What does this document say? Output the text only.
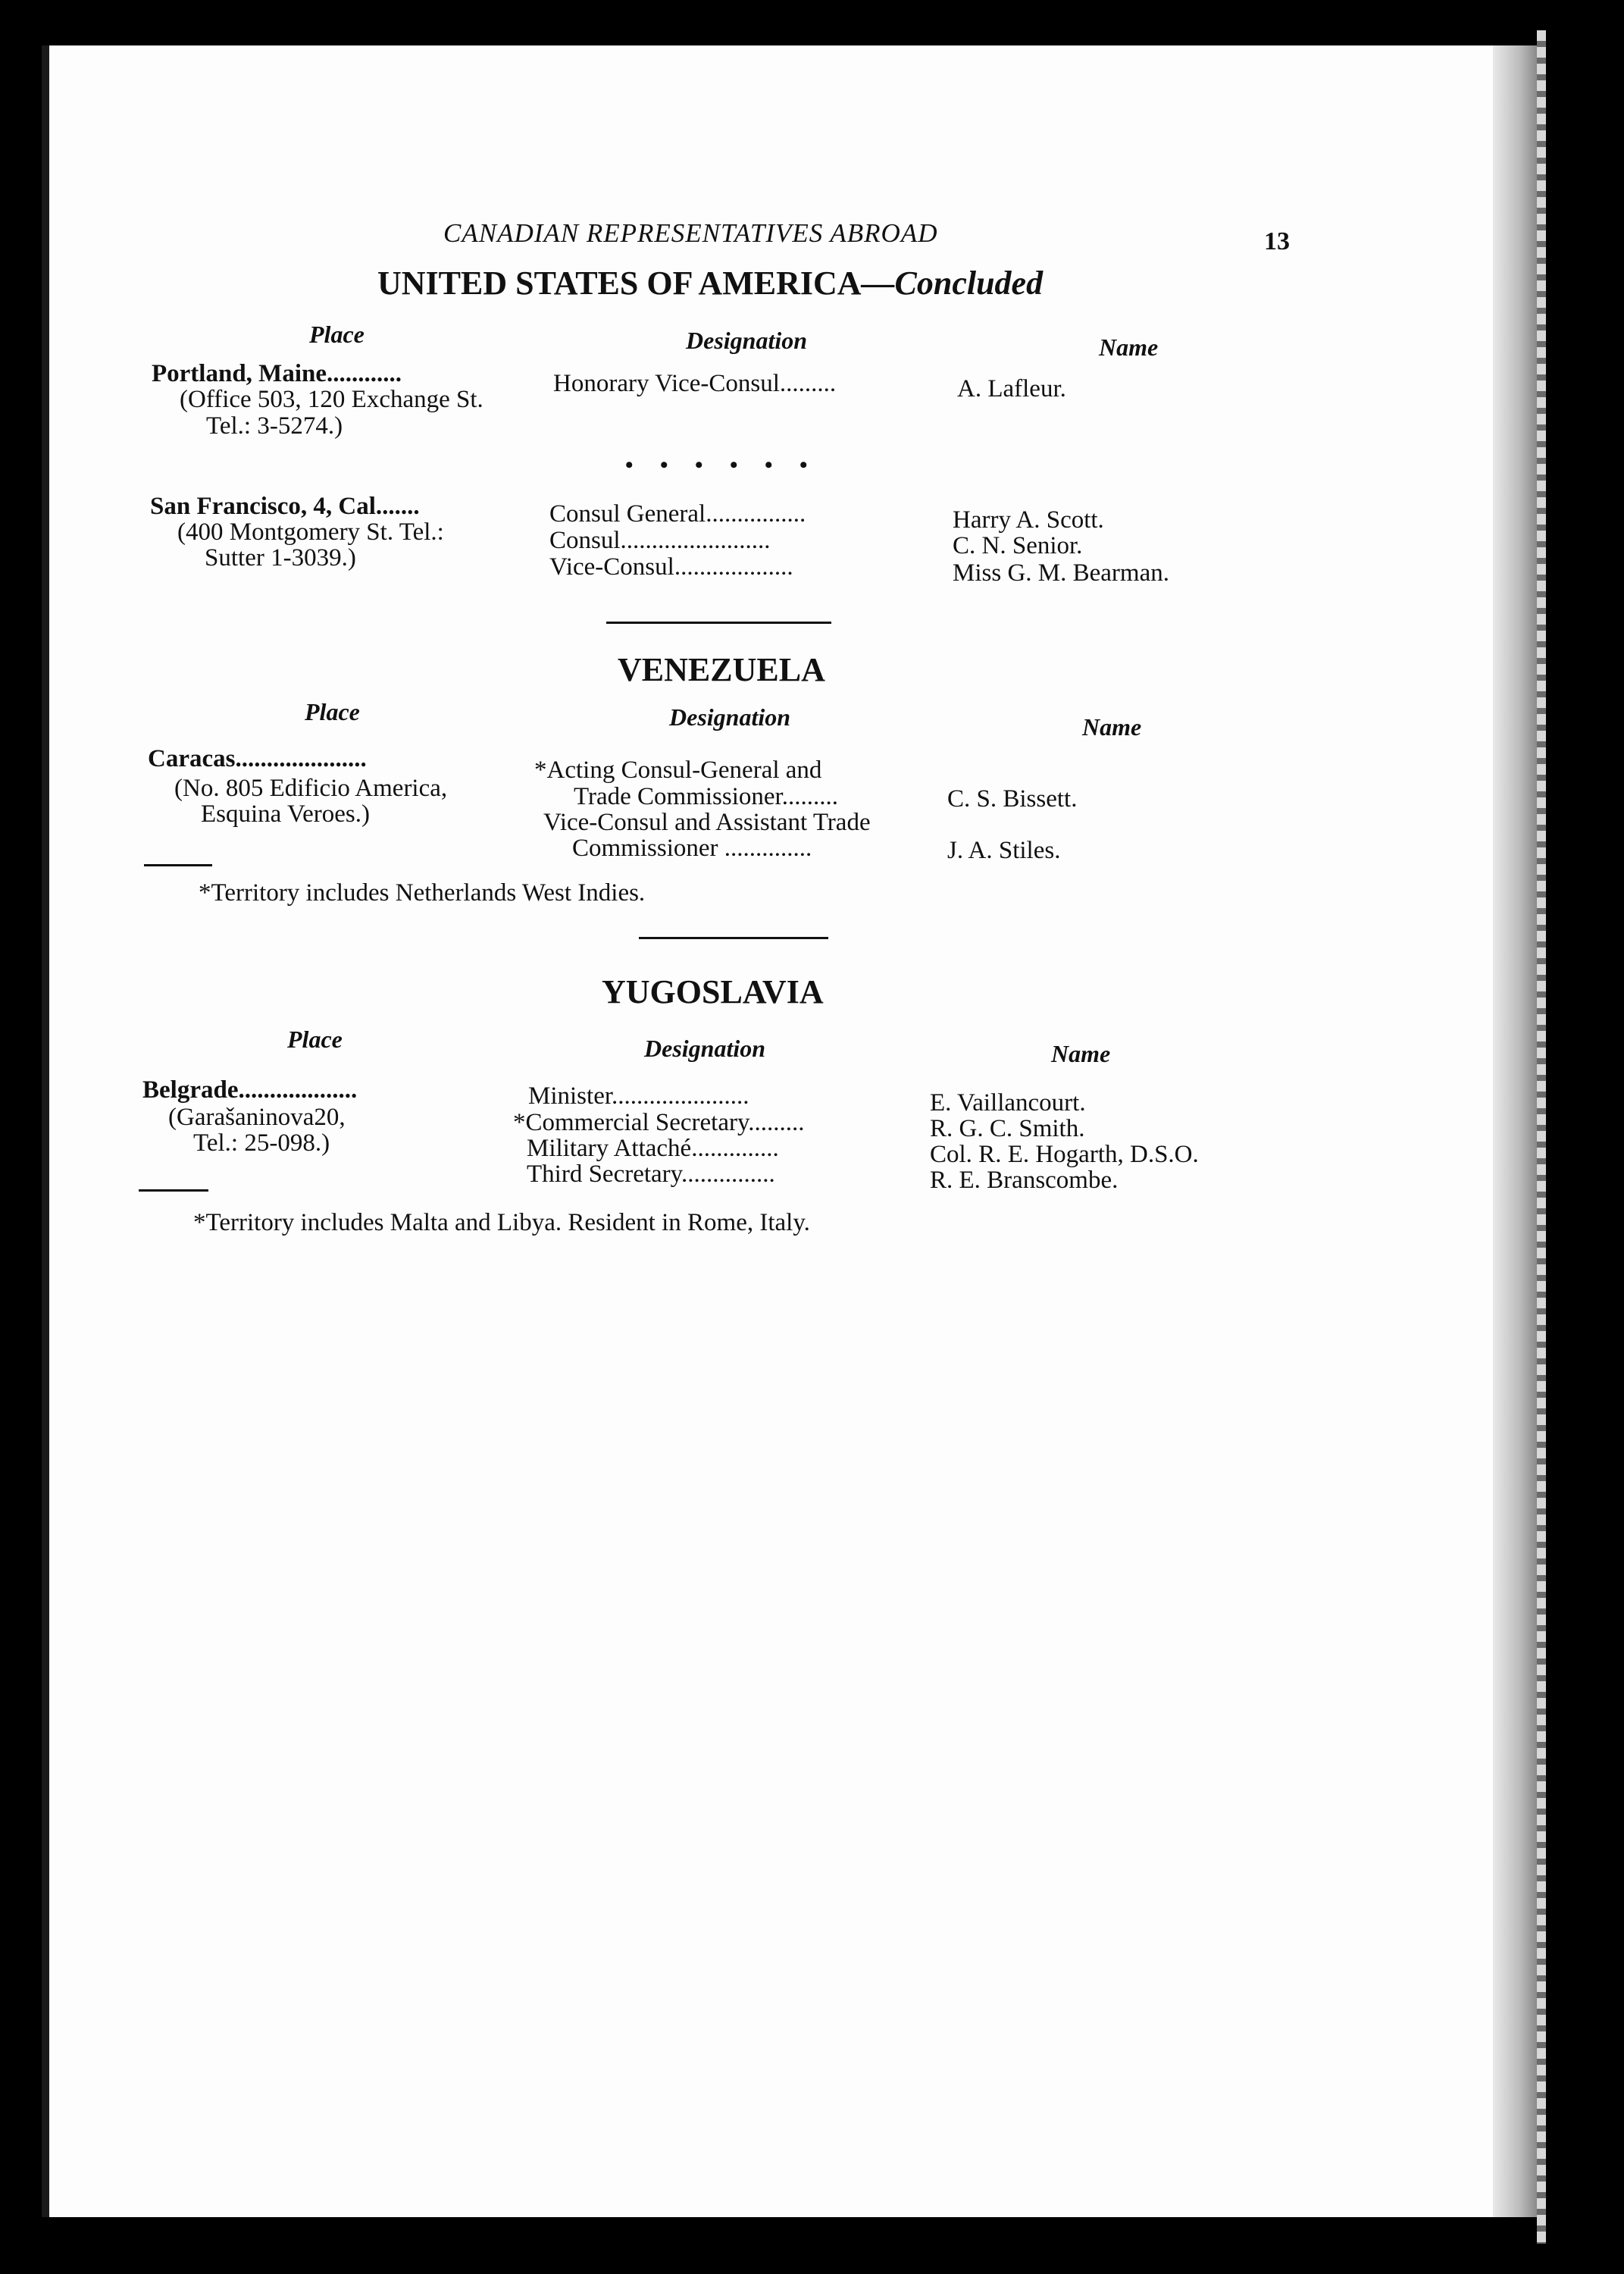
CANADIAN REPRESENTATIVES ABROAD	13
UNITED STATES OF AMERICA—Concluded
Place	Designation	Name
Portland, Maine............
(Office 503, 120 Exchange St.
Tel.: 3-5274.)
Honorary Vice-Consul.........	A. Lafleur.
• • • • • •
San Francisco, 4, Cal.......
(400 Montgomery St. Tel.:
Sutter 1-3039.)
Consul General................	Harry A. Scott.
Consul........................	C. N. Senior.
Vice-Consul...................	Miss G. M. Bearman.
VENEZUELA
Place	Designation	Name
Caracas.....................
(No. 805 Edificio America,
Esquina Veroes.)
*Acting Consul-General and
Trade Commissioner.........	C. S. Bissett.
Vice-Consul and Assistant Trade
Commissioner ..............	J. A. Stiles.
*Territory includes Netherlands West Indies.
YUGOSLAVIA
Place	Designation	Name
Belgrade...................
(Garašaninova20,
Tel.: 25-098.)
Minister......................	E. Vaillancourt.
*Commercial Secretary.........	R. G. C. Smith.
Military Attaché..............	Col. R. E. Hogarth, D.S.O.
Third Secretary...............	R. E. Branscombe.
*Territory includes Malta and Libya. Resident in Rome, Italy.
